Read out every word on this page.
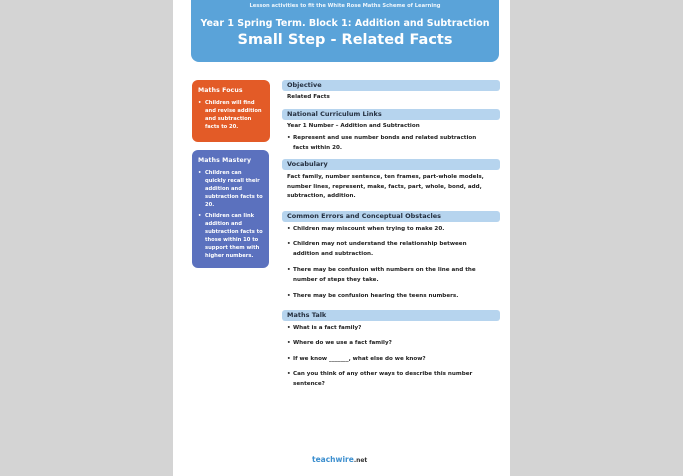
Lesson activities to fit the White Rose Maths Scheme of Learning
Year 1 Spring Term. Block 1: Addition and Subtraction
Small Step - Related Facts
Maths Focus
• Children will find and revise addition and subtraction facts to 20.
Maths Mastery
• Children can quickly recall their addition and subtraction facts to 20.
• Children can link addition and subtraction facts to those within 10 to support them with higher numbers.
Objective
Related Facts
National Curriculum Links
Year 1 Number – Addition and Subtraction
• Represent and use number bonds and related subtraction facts within 20.
Vocabulary
Fact family, number sentence, ten frames, part-whole models, number lines, represent, make, facts, part, whole, bond, add, subtraction, addition.
Common Errors and Conceptual Obstacles
• Children may miscount when trying to make 20.
• Children may not understand the relationship between addition and subtraction.
• There may be confusion with numbers on the line and the number of steps they take.
• There may be confusion hearing the teens numbers.
Maths Talk
• What is a fact family?
• Where do we use a fact family?
• If we know _______, what else do we know?
• Can you think of any other ways to describe this number sentence?
teachwire.net
